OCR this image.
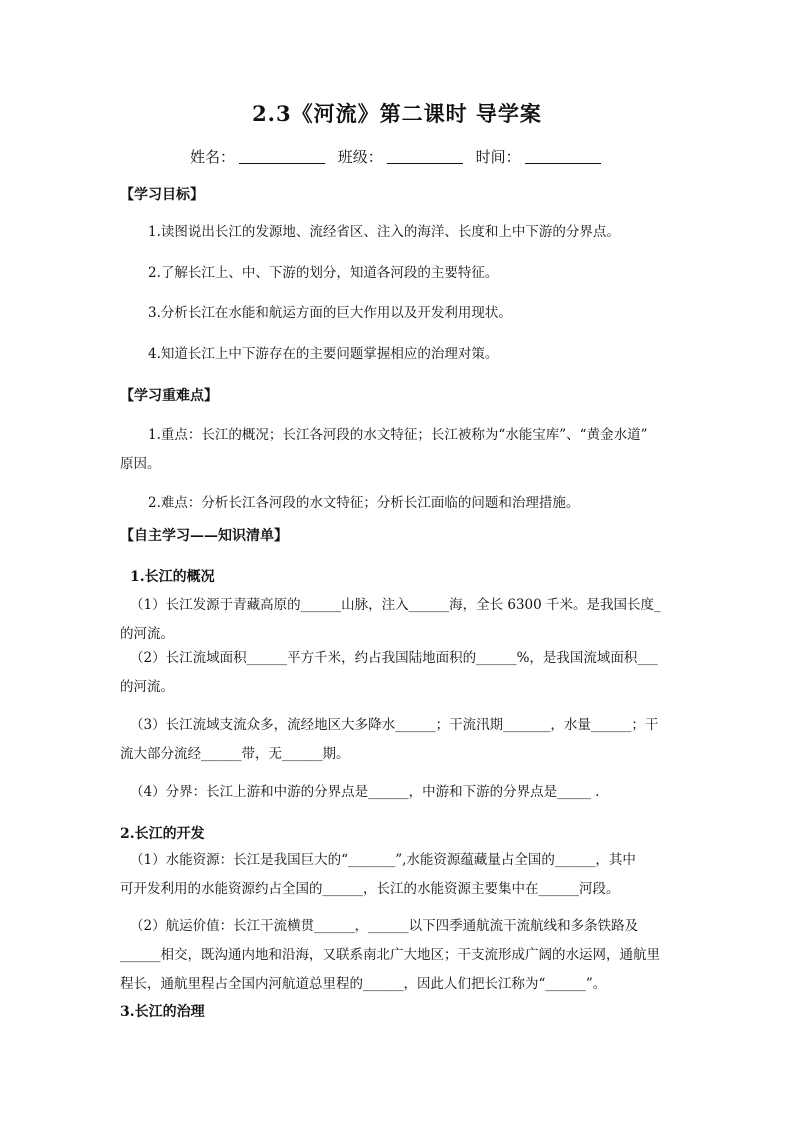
2.3《河流》第二课时 导学案
姓名：	班级：	时间：
【学习目标】
1.读图说出长江的发源地、流经省区、注入的海洋、长度和上中下游的分界点。
2.了解长江上、中、下游的划分，知道各河段的主要特征。
3.分析长江在水能和航运方面的巨大作用以及开发利用现状。
4.知道长江上中下游存在的主要问题掌握相应的治理对策。
【学习重难点】
1.重点：长江的概况；长江各河段的水文特征；长江被称为“水能宝库”、“黄金水道”
原因。
2.难点：分析长江各河段的水文特征；分析长江面临的问题和治理措施。
【自主学习——知识清单】
1.长江的概况
（1）长江发源于青藏高原的______山脉，注入______海，全长 6300 千米。是我国长度_
的河流。
（2）长江流域面积______平方千米，约占我国陆地面积的______%，是我国流域面积___
的河流。
（3）长江流域支流众多，流经地区大多降水______；干流汛期_______，水量______；干
流大部分流经______带，无______期。
（4）分界：长江上游和中游的分界点是______，中游和下游的分界点是_____ .
2.长江的开发
（1）水能资源：长江是我国巨大的“_______”,水能资源蕴藏量占全国的______，其中
可开发利用的水能资源约占全国的______，长江的水能资源主要集中在______河段。
（2）航运价值：长江干流横贯______，______以下四季通航流干流航线和多条铁路及
______相交，既沟通内地和沿海，又联系南北广大地区；干支流形成广阔的水运网，通航里
程长，通航里程占全国内河航道总里程的______，因此人们把长江称为“______”。
3.长江的治理
